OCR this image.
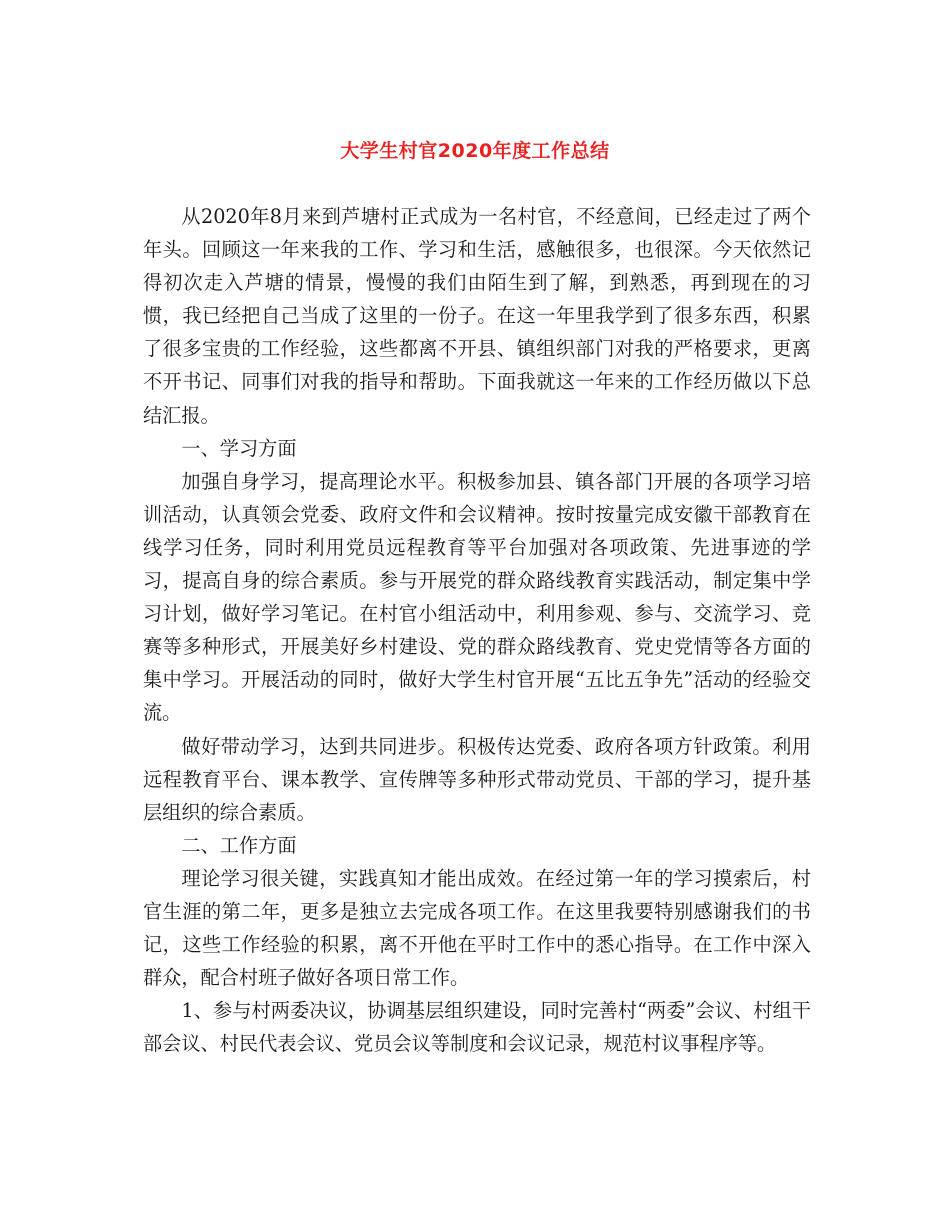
大学生村官2020年度工作总结

从2020年8月来到芦塘村正式成为一名村官，不经意间，已经走过了两个年头。回顾这一年来我的工作、学习和生活，感触很多，也很深。今天依然记得初次走入芦塘的情景，慢慢的我们由陌生到了解，到熟悉，再到现在的习惯，我已经把自己当成了这里的一份子。在这一年里我学到了很多东西，积累了很多宝贵的工作经验，这些都离不开县、镇组织部门对我的严格要求，更离不开书记、同事们对我的指导和帮助。下面我就这一年来的工作经历做以下总结汇报。

一、学习方面

加强自身学习，提高理论水平。积极参加县、镇各部门开展的各项学习培训活动，认真领会党委、政府文件和会议精神。按时按量完成安徽干部教育在线学习任务，同时利用党员远程教育等平台加强对各项政策、先进事迹的学习，提高自身的综合素质。参与开展党的群众路线教育实践活动，制定集中学习计划，做好学习笔记。在村官小组活动中，利用参观、参与、交流学习、竞赛等多种形式，开展美好乡村建设、党的群众路线教育、党史党情等各方面的集中学习。开展活动的同时，做好大学生村官开展“五比五争先”活动的经验交流。

做好带动学习，达到共同进步。积极传达党委、政府各项方针政策。利用远程教育平台、课本教学、宣传牌等多种形式带动党员、干部的学习，提升基层组织的综合素质。

二、工作方面

理论学习很关键，实践真知才能出成效。在经过第一年的学习摸索后，村官生涯的第二年，更多是独立去完成各项工作。在这里我要特别感谢我们的书记，这些工作经验的积累，离不开他在平时工作中的悉心指导。在工作中深入群众，配合村班子做好各项日常工作。

1、参与村两委决议，协调基层组织建设，同时完善村“两委”会议、村组干部会议、村民代表会议、党员会议等制度和会议记录，规范村议事程序等。
